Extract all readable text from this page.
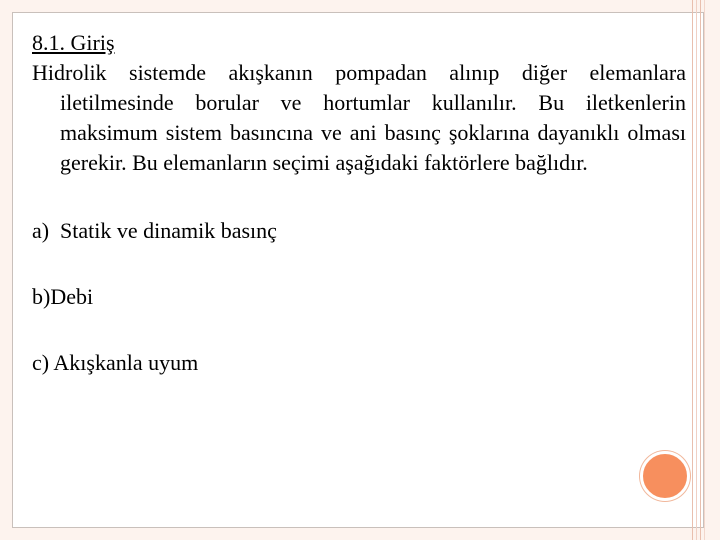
8.1. Giriş

Hidrolik sistemde akışkanın pompadan alınıp diğer elemanlara iletilmesinde borular ve hortumlar kullanılır. Bu iletkenlerin maksimum sistem basıncına ve ani basınç şoklarına dayanıklı olması gerekir. Bu elemanların seçimi aşağıdaki faktörlere bağlıdır.

a) Statik ve dinamik basınç

b)Debi

c) Akışkanla uyum
